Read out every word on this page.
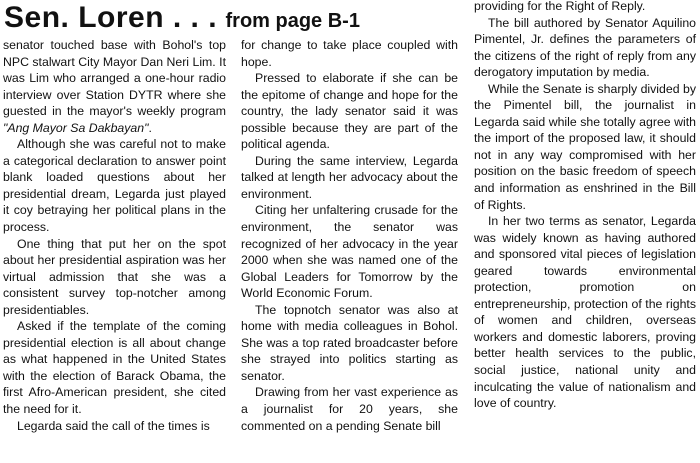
Sen. Loren . . . from page B-1

senator touched base with Bohol's top NPC stalwart City Mayor Dan Neri Lim. It was Lim who arranged a one-hour radio interview over Station DYTR where she guested in the mayor's weekly program "Ang Mayor Sa Dakbayan".

Although she was careful not to make a categorical declaration to answer point blank loaded questions about her presidential dream, Legarda just played it coy betraying her political plans in the process.

One thing that put her on the spot about her presidential aspiration was her virtual admission that she was a consistent survey top-notcher among presidentiables.

Asked if the template of the coming presidential election is all about change as what happened in the United States with the election of Barack Obama, the first Afro-American president, she cited the need for it.

Legarda said the call of the times is

for change to take place coupled with hope.

Pressed to elaborate if she can be the epitome of change and hope for the country, the lady senator said it was possible because they are part of the political agenda.

During the same interview, Legarda talked at length her advocacy about the environment.

Citing her unfaltering crusade for the environment, the senator was recognized of her advocacy in the year 2000 when she was named one of the Global Leaders for Tomorrow by the World Economic Forum.

The topnotch senator was also at home with media colleagues in Bohol. She was a top rated broadcaster before she strayed into politics starting as senator.

Drawing from her vast experience as a journalist for 20 years, she commented on a pending Senate bill

providing for the Right of Reply.

The bill authored by Senator Aquilino Pimentel, Jr. defines the parameters of the citizens of the right of reply from any derogatory imputation by media.

While the Senate is sharply divided by the Pimentel bill, the journalist in Legarda said while she totally agree with the import of the proposed law, it should not in any way compromised with her position on the basic freedom of speech and information as enshrined in the Bill of Rights.

In her two terms as senator, Legarda was widely known as having authored and sponsored vital pieces of legislation geared towards environmental protection, promotion on entrepreneurship, protection of the rights of women and children, overseas workers and domestic laborers, proving better health services to the public, social justice, national unity and inculcating the value of nationalism and love of country.
